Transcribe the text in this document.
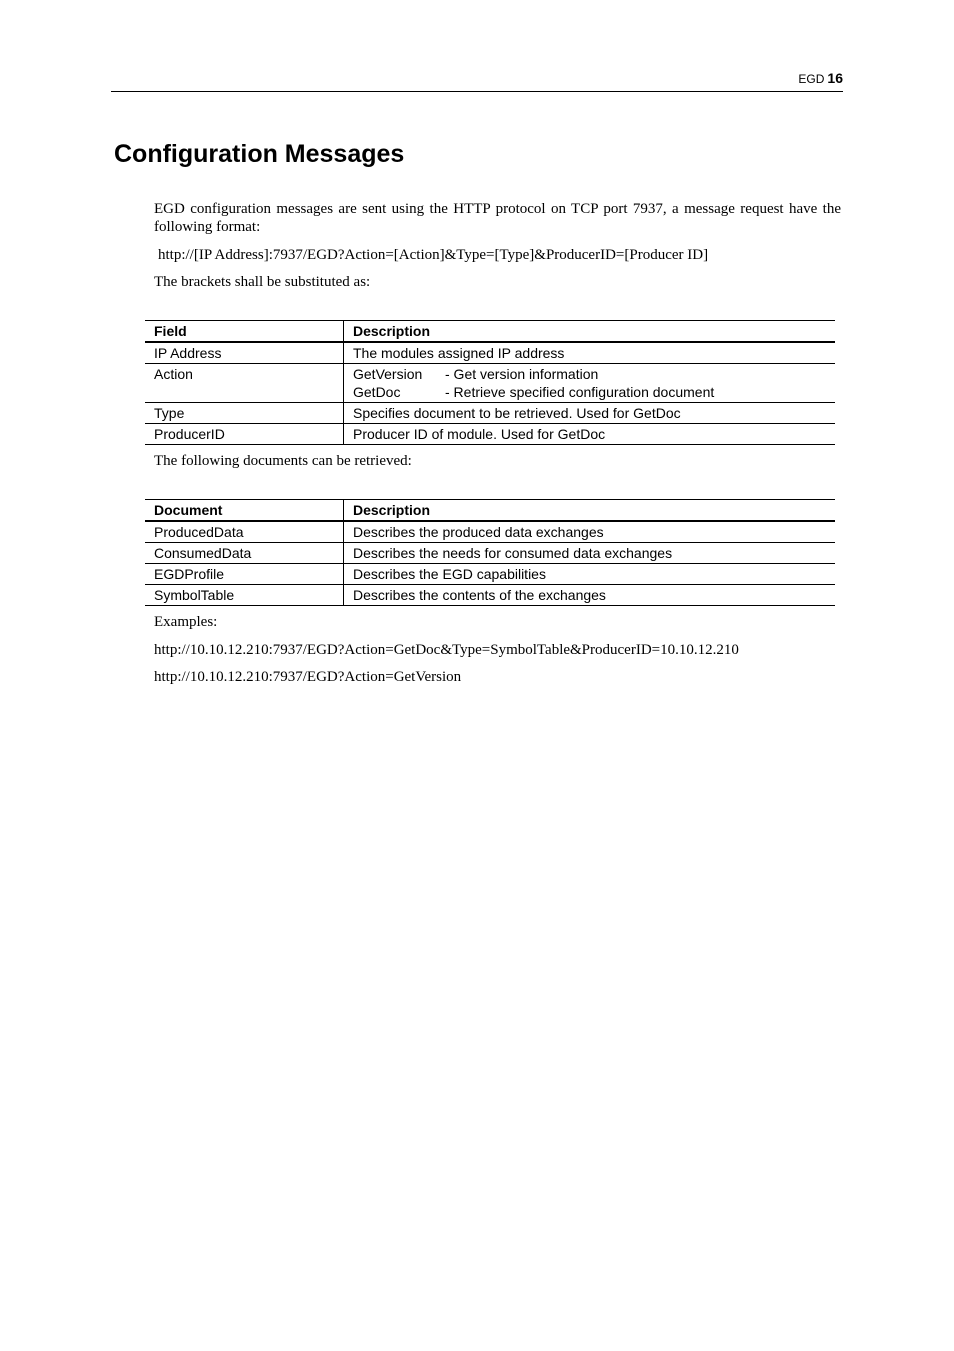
EGD 16
Configuration Messages

EGD configuration messages are sent using the HTTP protocol on TCP port 7937, a message request have the following format:

http://[IP Address]:7937/EGD?Action=[Action]&Type=[Type]&ProducerID=[Producer ID]

The brackets shall be substituted as:

Field	Description
IP Address	The modules assigned IP address
Action	GetVersion - Get version information
GetDoc - Retrieve specified configuration document

Type	Specifies document to be retrieved. Used for GetDoc
ProducerID	Producer ID of module. Used for GetDoc

The following documents can be retrieved:

Document	Description
ProducedData	Describes the produced data exchanges
ConsumedData	Describes the needs for consumed data exchanges
EGDProfile	Describes the EGD capabilities
SymbolTable	Describes the contents of the exchanges

Examples:

http://10.10.12.210:7937/EGD?Action=GetDoc&Type=SymbolTable&ProducerID=10.10.12.210

http://10.10.12.210:7937/EGD?Action=GetVersion
